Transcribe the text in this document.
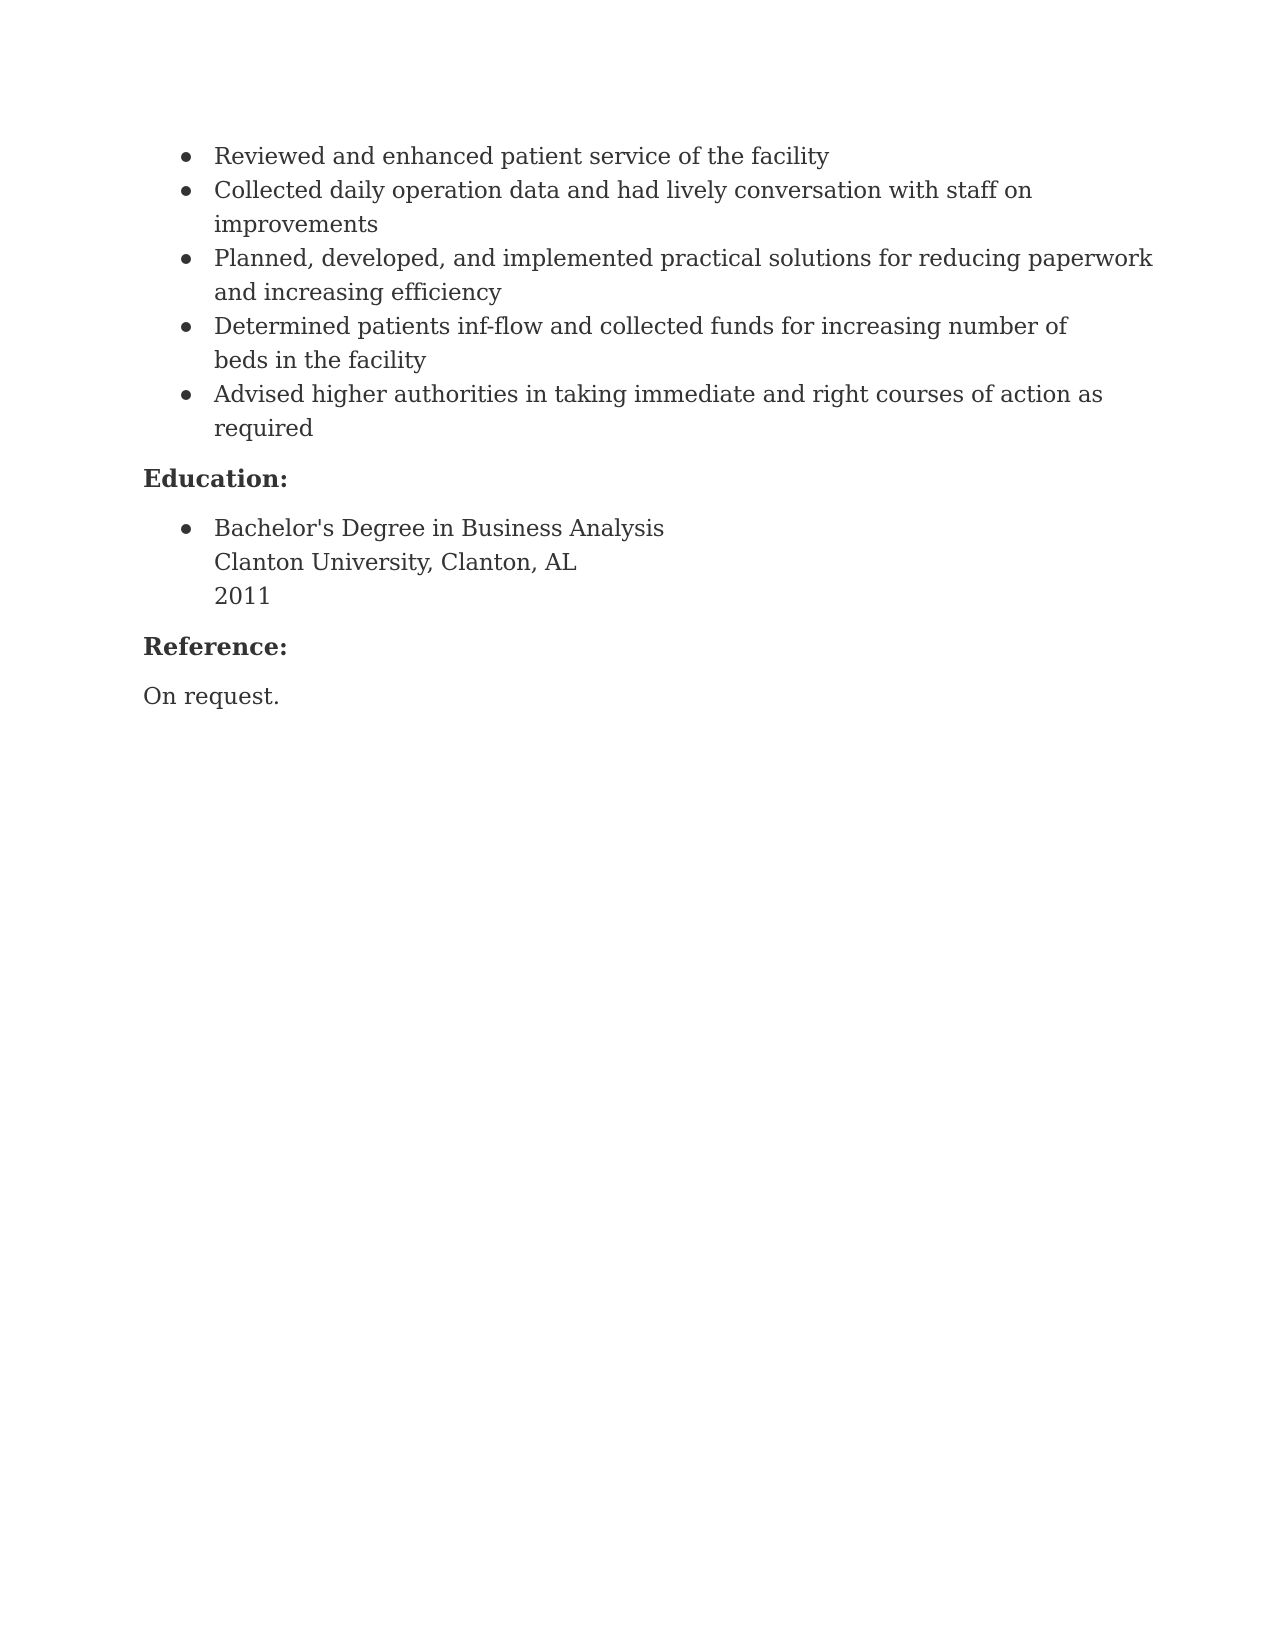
Reviewed and enhanced patient service of the facility
Collected daily operation data and had lively conversation with staff on improvements
Planned, developed, and implemented practical solutions for reducing paperwork and increasing efficiency
Determined patients inf-flow and collected funds for increasing number of beds in the facility
Advised higher authorities in taking immediate and right courses of action as required
Education:
Bachelor's Degree in Business Analysis
Clanton University, Clanton, AL
2011
Reference:

On request.
